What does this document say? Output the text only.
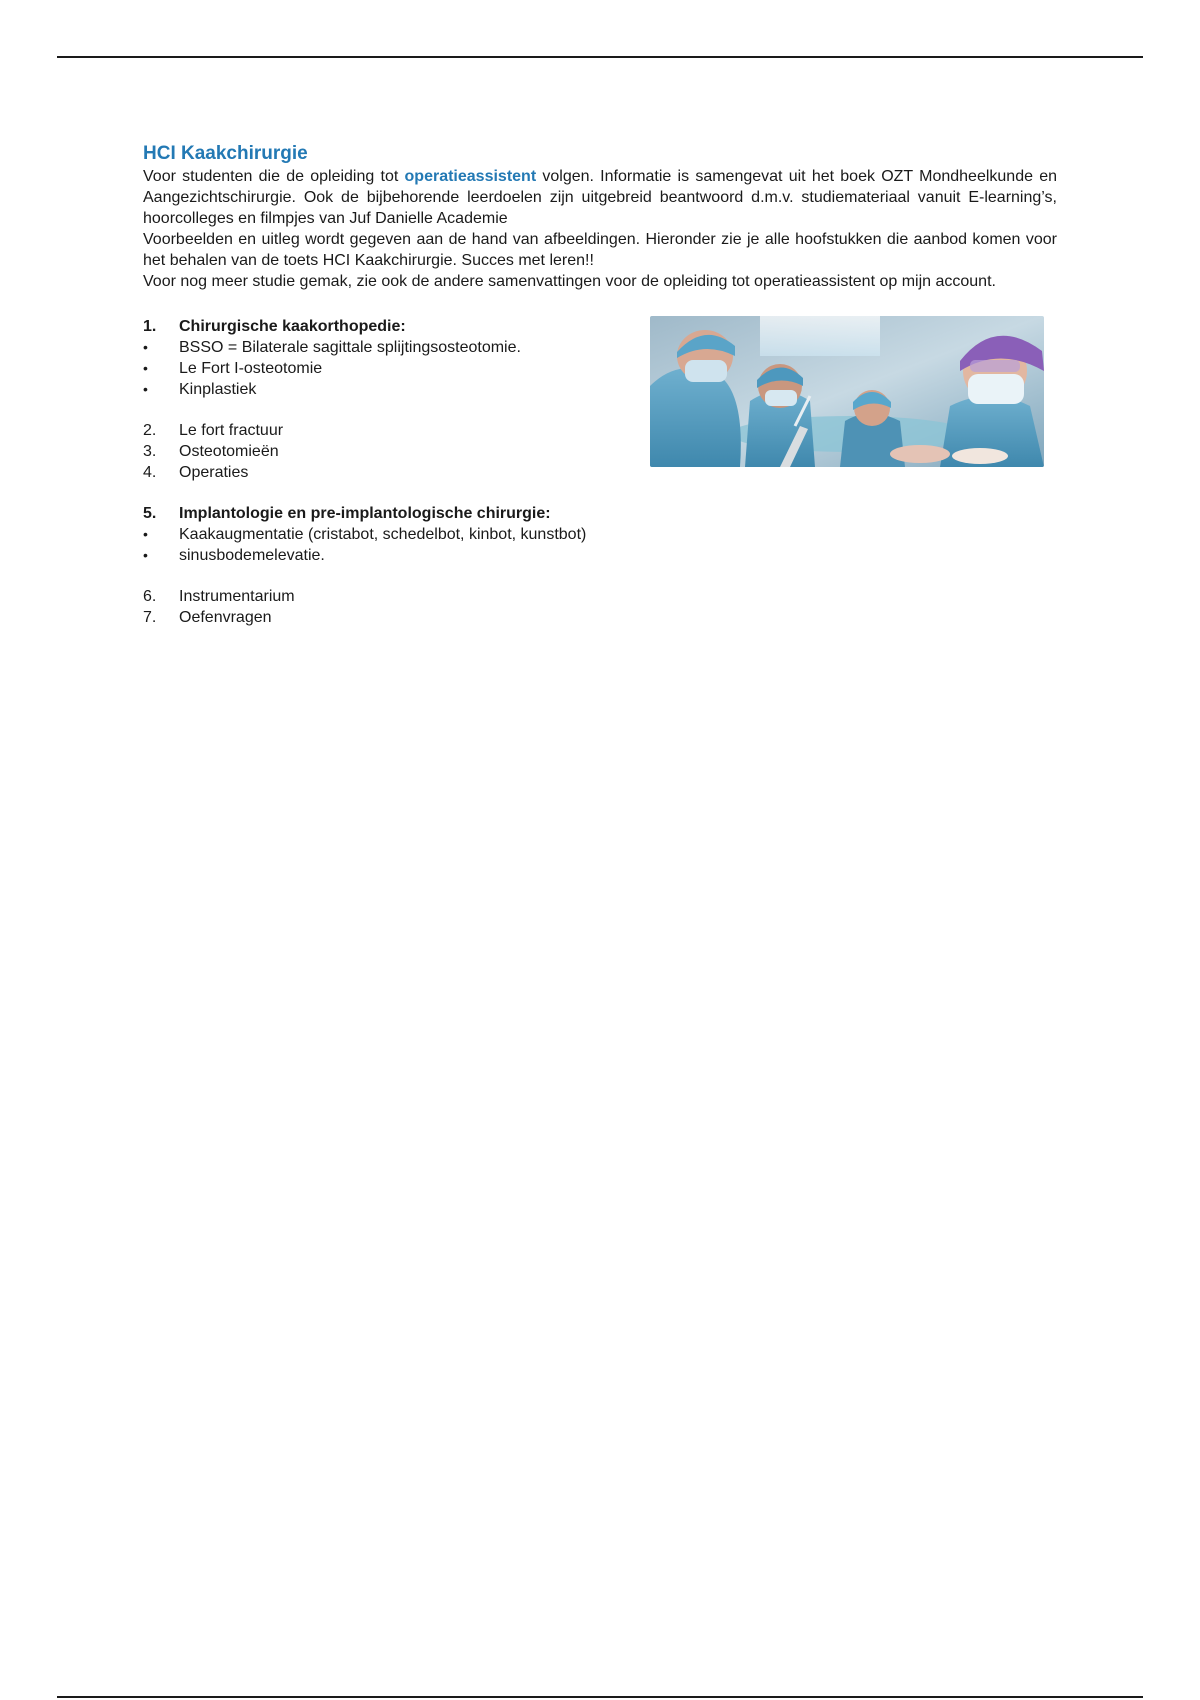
HCI Kaakchirurgie

Voor studenten die de opleiding tot operatieassistent volgen. Informatie is samengevat uit het boek OZT Mondheelkunde en Aangezichtschirurgie. Ook de bijbehorende leerdoelen zijn uitgebreid beantwoord d.m.v. studiemateriaal vanuit E-learning’s, hoorcolleges en filmpjes van Juf Danielle Academie

Voorbeelden en uitleg wordt gegeven aan de hand van afbeeldingen. Hieronder zie je alle hoofstukken die aanbod komen voor het behalen van de toets HCI Kaakchirurgie. Succes met leren!!

Voor nog meer studie gemak, zie ook de andere samenvattingen voor de opleiding tot operatieassistent op mijn account.

1.	Chirurgische kaakorthopedie:
•	BSSO = Bilaterale sagittale splijtingsosteotomie.
•	Le Fort I-osteotomie
•	Kinplastiek
2.	Le fort fractuur
3.	Osteotomieën
4.	Operaties
5.	Implantologie en pre-implantologische chirurgie:
•	Kaakaugmentatie (cristabot, schedelbot, kinbot, kunstbot)
•	sinusbodemelevatie.
6.	Instrumentarium
7.	Oefenvragen
